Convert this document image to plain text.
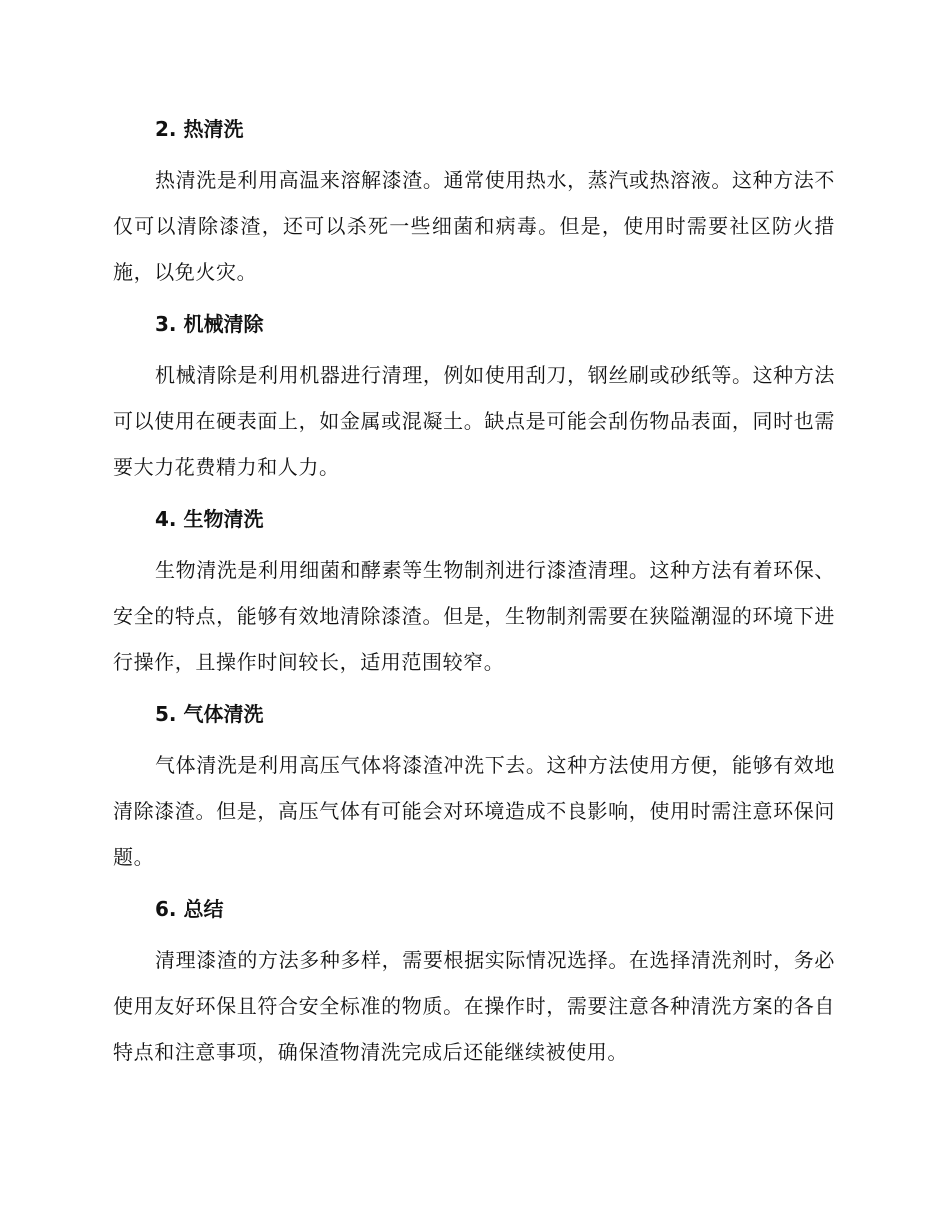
2. 热清洗

热清洗是利用高温来溶解漆渣。通常使用热水，蒸汽或热溶液。这种方法不仅可以清除漆渣，还可以杀死一些细菌和病毒。但是，使用时需要社区防火措施，以免火灾。

3. 机械清除

机械清除是利用机器进行清理，例如使用刮刀，钢丝刷或砂纸等。这种方法可以使用在硬表面上，如金属或混凝土。缺点是可能会刮伤物品表面，同时也需要大力花费精力和人力。

4. 生物清洗

生物清洗是利用细菌和酵素等生物制剂进行漆渣清理。这种方法有着环保、安全的特点，能够有效地清除漆渣。但是，生物制剂需要在狭隘潮湿的环境下进行操作，且操作时间较长，适用范围较窄。

5. 气体清洗

气体清洗是利用高压气体将漆渣冲洗下去。这种方法使用方便，能够有效地清除漆渣。但是，高压气体有可能会对环境造成不良影响，使用时需注意环保问题。

6. 总结

清理漆渣的方法多种多样，需要根据实际情况选择。在选择清洗剂时，务必使用友好环保且符合安全标准的物质。在操作时，需要注意各种清洗方案的各自特点和注意事项，确保渣物清洗完成后还能继续被使用。
